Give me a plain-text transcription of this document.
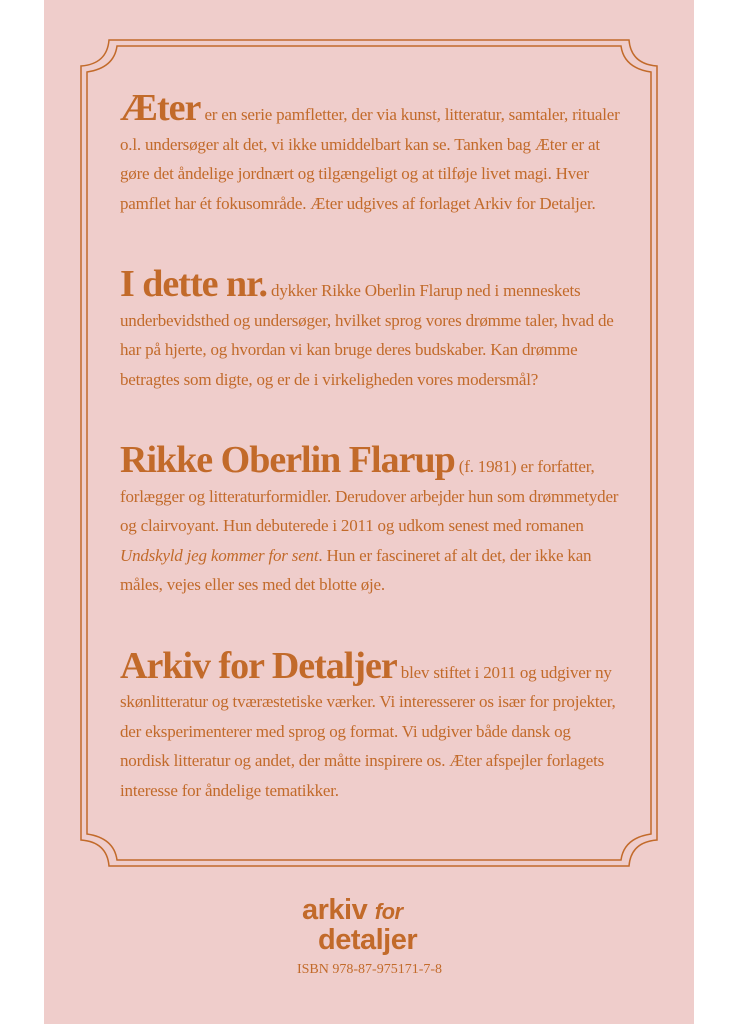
Æter er en serie pamfletter, der via kunst, litteratur, samtaler, ritualer o.l. undersøger alt det, vi ikke umiddelbart kan se. Tanken bag Æter er at gøre det åndelige jordnært og tilgængeligt og at tilføje livet magi. Hver pamflet har ét fokusområde. Æter udgives af forlaget Arkiv for Detaljer.

I dette nr. dykker Rikke Oberlin Flarup ned i menneskets underbevidsthed og undersøger, hvilket sprog vores drømme taler, hvad de har på hjerte, og hvordan vi kan bruge deres budskaber. Kan drømme betragtes som digte, og er de i virkeligheden vores modersmål?

Rikke Oberlin Flarup (f. 1981) er forfatter, forlægger og litteraturformidler. Derudover arbejder hun som drømmetyder og clairvoyant. Hun debuterede i 2011 og udkom senest med romanen Undskyld jeg kommer for sent. Hun er fascineret af alt det, der ikke kan måles, vejes eller ses med det blotte øje.

Arkiv for Detaljer blev stiftet i 2011 og udgiver ny skønlitteratur og tværæstetiske værker. Vi interesserer os især for projekter, der eksperimenterer med sprog og format. Vi udgiver både dansk og nordisk litteratur og andet, der måtte inspirere os. Æter afspejler forlagets interesse for åndelige tematikker.

arkiv for
detaljer
ISBN 978-87-975171-7-8
